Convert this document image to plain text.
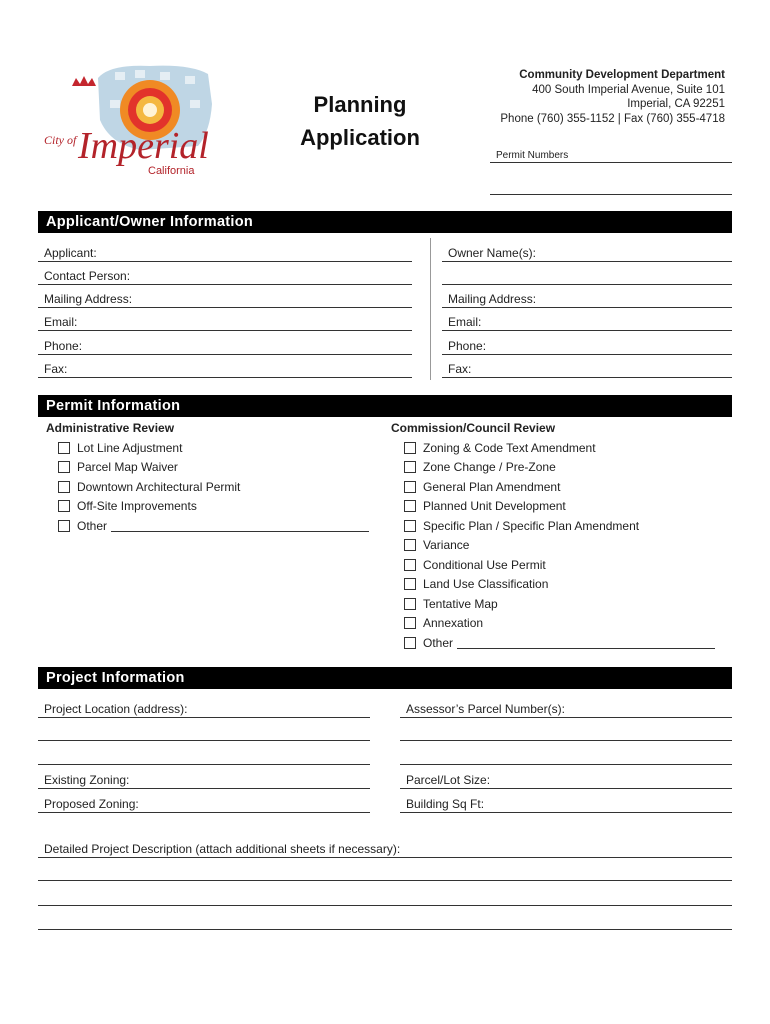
City of Imperial
California
Planning
Application
Community Development Department
400 South Imperial Avenue, Suite 101
Imperial, CA 92251
Phone (760) 355-1152 | Fax (760) 355-4718
Permit Numbers
Applicant/Owner Information
Applicant:
Contact Person:
Mailing Address:
Email:
Phone:
Fax:
Owner Name(s):
Mailing Address:
Email:
Phone:
Fax:
Permit Information
Administrative Review
Lot Line Adjustment
Parcel Map Waiver
Downtown Architectural Permit
Off-Site Improvements
Other
Commission/Council Review
Zoning & Code Text Amendment
Zone Change / Pre-Zone
General Plan Amendment
Planned Unit Development
Specific Plan / Specific Plan Amendment
Variance
Conditional Use Permit
Land Use Classification
Tentative Map
Annexation
Other
Project Information
Project Location (address):
Existing Zoning:
Proposed Zoning:
Assessor’s Parcel Number(s):
Parcel/Lot Size:
Building Sq Ft:
Detailed Project Description (attach additional sheets if necessary):
